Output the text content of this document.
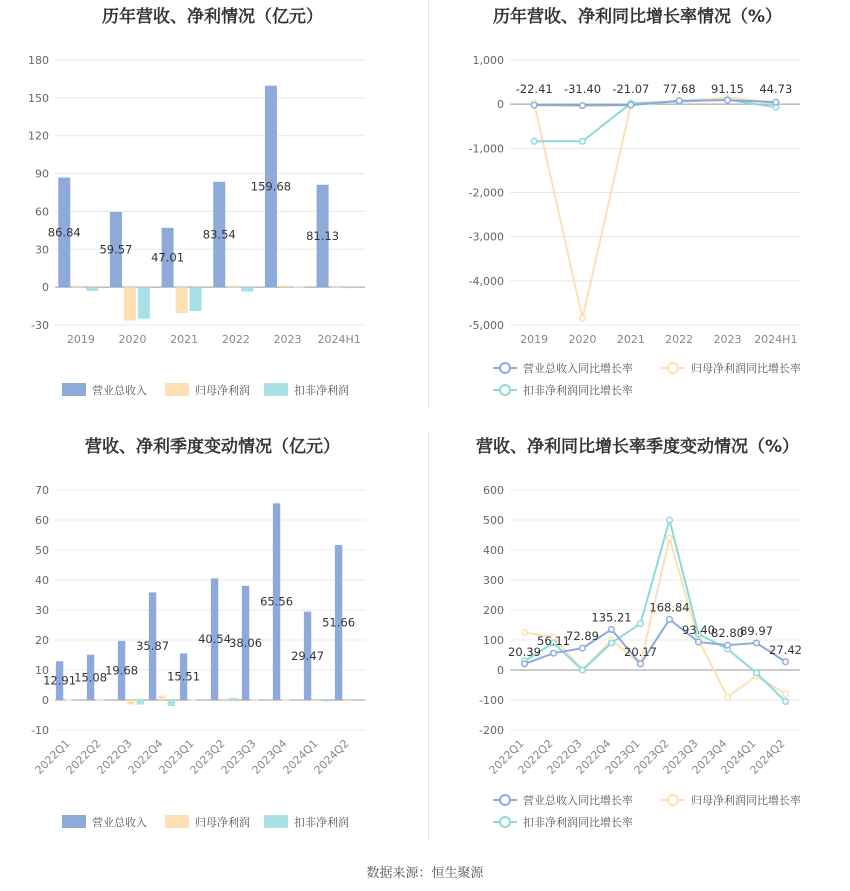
历年营收、净利情况（亿元）
-30
0
30
60
90
120
150
180
86.84
2019
59.57
2020
47.01
2021
83.54
2022
159.68
2023
81.13
2024H1
营业总收入	归母净利润	扣非净利润
历年营收、净利同比增长率情况（%）
-5,000
-4,000
-3,000
-2,000
-1,000
0
1,000
-22.41
2019
-31.40
2020
-21.07
2021
77.68
2022
91.15
2023
44.73
2024H1
营业总收入同比增长率	归母净利润同比增长率
扣非净利润同比增长率
营收、净利季度变动情况（亿元）
-10
0
10
20
30
40
50
60
70
12.91
2022Q1
15.08
2022Q2
19.68
2022Q3
35.87
2022Q4
15.51
2023Q1
40.54
2023Q2
38.06
2023Q3
65.56
2023Q4
29.47
2024Q1
51.66
2024Q2
营业总收入	归母净利润	扣非净利润
营收、净利同比增长率季度变动情况（%）
-200
-100
0
100
200
300
400
500
600
20.39
2022Q1
56.11
2022Q2
72.89
2022Q3
135.21
2022Q4
20.17
2023Q1
168.84
2023Q2
93.40
2023Q3
82.80
2023Q4
89.97
2024Q1
27.42
2024Q2
营业总收入同比增长率	归母净利润同比增长率
扣非净利润同比增长率
数据来源：恒生聚源
